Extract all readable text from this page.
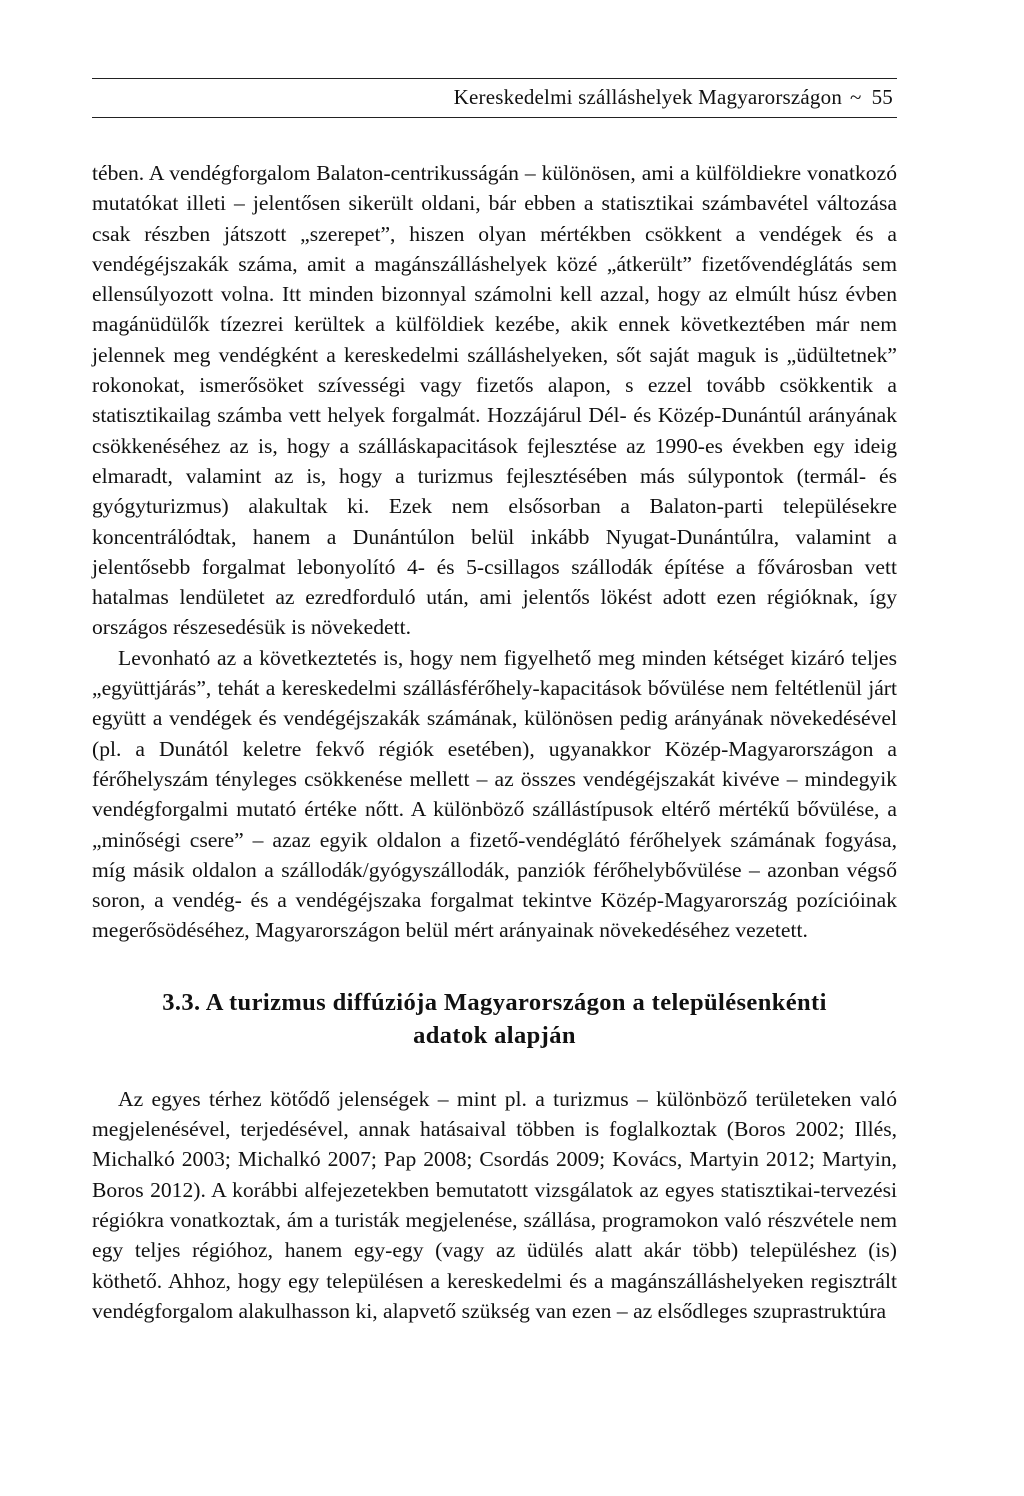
Kereskedelmi szálláshelyek Magyarországon ~ 55

tében. A vendégforgalom Balaton-centrikusságán – különösen, ami a külföldiekre vonatkozó mutatókat illeti – jelentősen sikerült oldani, bár ebben a statisztikai számbavétel változása csak részben játszott „szerepet”, hiszen olyan mértékben csökkent a vendégek és a vendégéjszakák száma, amit a magánszálláshelyek közé „átkerült” fizetővendéglátás sem ellensúlyozott volna. Itt minden bizonnyal számolni kell azzal, hogy az elmúlt húsz évben magánüdülők tízezrei kerültek a külföldiek kezébe, akik ennek következtében már nem jelennek meg vendégként a kereskedelmi szálláshelyeken, sőt saját maguk is „üdültetnek” rokonokat, ismerősöket szívességi vagy fizetős alapon, s ezzel tovább csökkentik a statisztikailag számba vett helyek forgalmát. Hozzájárul Dél- és Közép-Dunántúl arányának csökkenéséhez az is, hogy a szálláskapacitások fejlesztése az 1990-es években egy ideig elmaradt, valamint az is, hogy a turizmus fejlesztésében más súlypontok (termál- és gyógyturizmus) alakultak ki. Ezek nem elsősorban a Balaton-parti településekre koncentrálódtak, hanem a Dunántúlon belül inkább Nyugat-Dunántúlra, valamint a jelentősebb forgalmat lebonyolító 4- és 5-csillagos szállodák építése a fővárosban vett hatalmas lendületet az ezredforduló után, ami jelentős lökést adott ezen régióknak, így országos részesedésük is növekedett.

Levonható az a következtetés is, hogy nem figyelhető meg minden kétséget kizáró teljes „együttjárás”, tehát a kereskedelmi szállásférőhely-kapacitások bővülése nem feltétlenül járt együtt a vendégek és vendégéjszakák számának, különösen pedig arányának növekedésével (pl. a Dunától keletre fekvő régiók esetében), ugyanakkor Közép-Magyarországon a férőhelyszám tényleges csökkenése mellett – az összes vendégéjszakát kivéve – mindegyik vendégforgalmi mutató értéke nőtt. A különböző szállástípusok eltérő mértékű bővülése, a „minőségi csere” – azaz egyik oldalon a fizető-vendéglátó férőhelyek számának fogyása, míg másik oldalon a szállodák/gyógyszállodák, panziók férőhelybővülése – azonban végső soron, a vendég- és a vendégéjszaka forgalmat tekintve Közép-Magyarország pozícióinak megerősödéséhez, Magyarországon belül mért arányainak növekedéséhez vezetett.

3.3. A turizmus diffúziója Magyarországon a településenkénti
adatok alapján

Az egyes térhez kötődő jelenségek – mint pl. a turizmus – különböző területeken való megjelenésével, terjedésével, annak hatásaival többen is foglalkoztak (Boros 2002; Illés, Michalkó 2003; Michalkó 2007; Pap 2008; Csordás 2009; Kovács, Martyin 2012; Martyin, Boros 2012). A korábbi alfejezetekben bemutatott vizsgálatok az egyes statisztikai-tervezési régiókra vonatkoztak, ám a turisták megjelenése, szállása, programokon való részvétele nem egy teljes régióhoz, hanem egy-egy (vagy az üdülés alatt akár több) településhez (is) köthető. Ahhoz, hogy egy településen a kereskedelmi és a magánszálláshelyeken regisztrált vendégforgalom alakulhasson ki, alapvető szükség van ezen – az elsődleges szuprastruktúra
